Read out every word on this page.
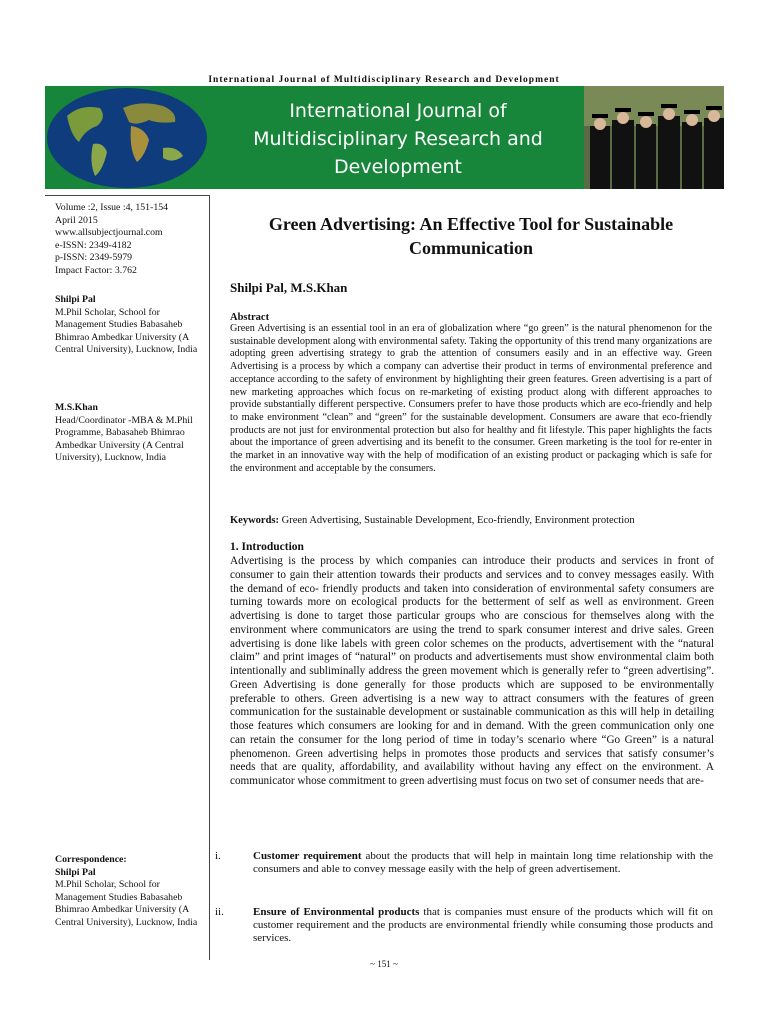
International Journal of Multidisciplinary Research and Development
International Journal of Multidisciplinary Research and Development

Volume :2, Issue :4, 151-154

April 2015

www.allsubjectjournal.com

e-ISSN: 2349-4182

p-ISSN: 2349-5979

Impact Factor: 3.762

Shilpi Pal

M.Phil Scholar, School for Management Studies Babasaheb Bhimrao Ambedkar University (A Central University), Lucknow, India

M.S.Khan

Head/Coordinator -MBA & M.Phil Programme, Babasaheb Bhimrao Ambedkar University (A Central University), Lucknow, India

Correspondence:

Shilpi Pal

M.Phil Scholar, School for Management Studies Babasaheb Bhimrao Ambedkar University (A Central University), Lucknow, India

Green Advertising: An Effective Tool for Sustainable Communication

Shilpi Pal, M.S.Khan

Abstract

Green Advertising is an essential tool in an era of globalization where “go green” is the natural phenomenon for the sustainable development along with environmental safety. Taking the opportunity of this trend many organizations are adopting green advertising strategy to grab the attention of consumers easily and in an effective way. Green Advertising is a process by which a company can advertise their product in terms of environmental preference and acceptance according to the safety of environment by highlighting their green features. Green advertising is a part of new marketing approaches which focus on re-marketing of existing product along with different approaches to provide substantially different perspective. Consumers prefer to have those products which are eco-friendly and help to make environment “clean” and “green” for the sustainable development. Consumers are aware that eco-friendly products are not just for environmental protection but also for healthy and fit lifestyle. This paper highlights the facts about the importance of green advertising and its benefit to the consumer. Green marketing is the tool for re-enter in the market in an innovative way with the help of modification of an existing product or packaging which is safe for the environment and acceptable by the consumers.

Keywords: Green Advertising, Sustainable Development, Eco-friendly, Environment protection

1. Introduction

Advertising is the process by which companies can introduce their products and services in front of consumer to gain their attention towards their products and services and to convey messages easily. With the demand of eco- friendly products and taken into consideration of environmental safety consumers are turning towards more on ecological products for the betterment of self as well as environment. Green advertising is done to target those particular groups who are conscious for themselves along with the environment where communicators are using the trend to spark consumer interest and drive sales. Green advertising is done like labels with green color schemes on the products, advertisement with the “natural claim” and print images of “natural” on products and advertisements must show environmental claim both intentionally and subliminally address the green movement which is generally refer to “green advertising”. Green Advertising is done generally for those products which are supposed to be environmentally preferable to others. Green advertising is a new way to attract consumers with the features of green communication for the sustainable development or sustainable communication as this will help in detailing those features which consumers are looking for and in demand. With the green communication only one can retain the consumer for the long period of time in today’s scenario where “Go Green” is a natural phenomenon. Green advertising helps in promotes those products and services that satisfy consumer’s needs that are quality, affordability, and availability without having any effect on the environment. A communicator whose commitment to green advertising must focus on two set of consumer needs that are-

i.	Customer requirement about the products that will help in maintain long time relationship with the consumers and able to convey message easily with the help of green advertisement.
ii.	Ensure of Environmental products that is companies must ensure of the products which will fit on customer requirement and the products are environmental friendly while consuming those products and services.
~ 151 ~
